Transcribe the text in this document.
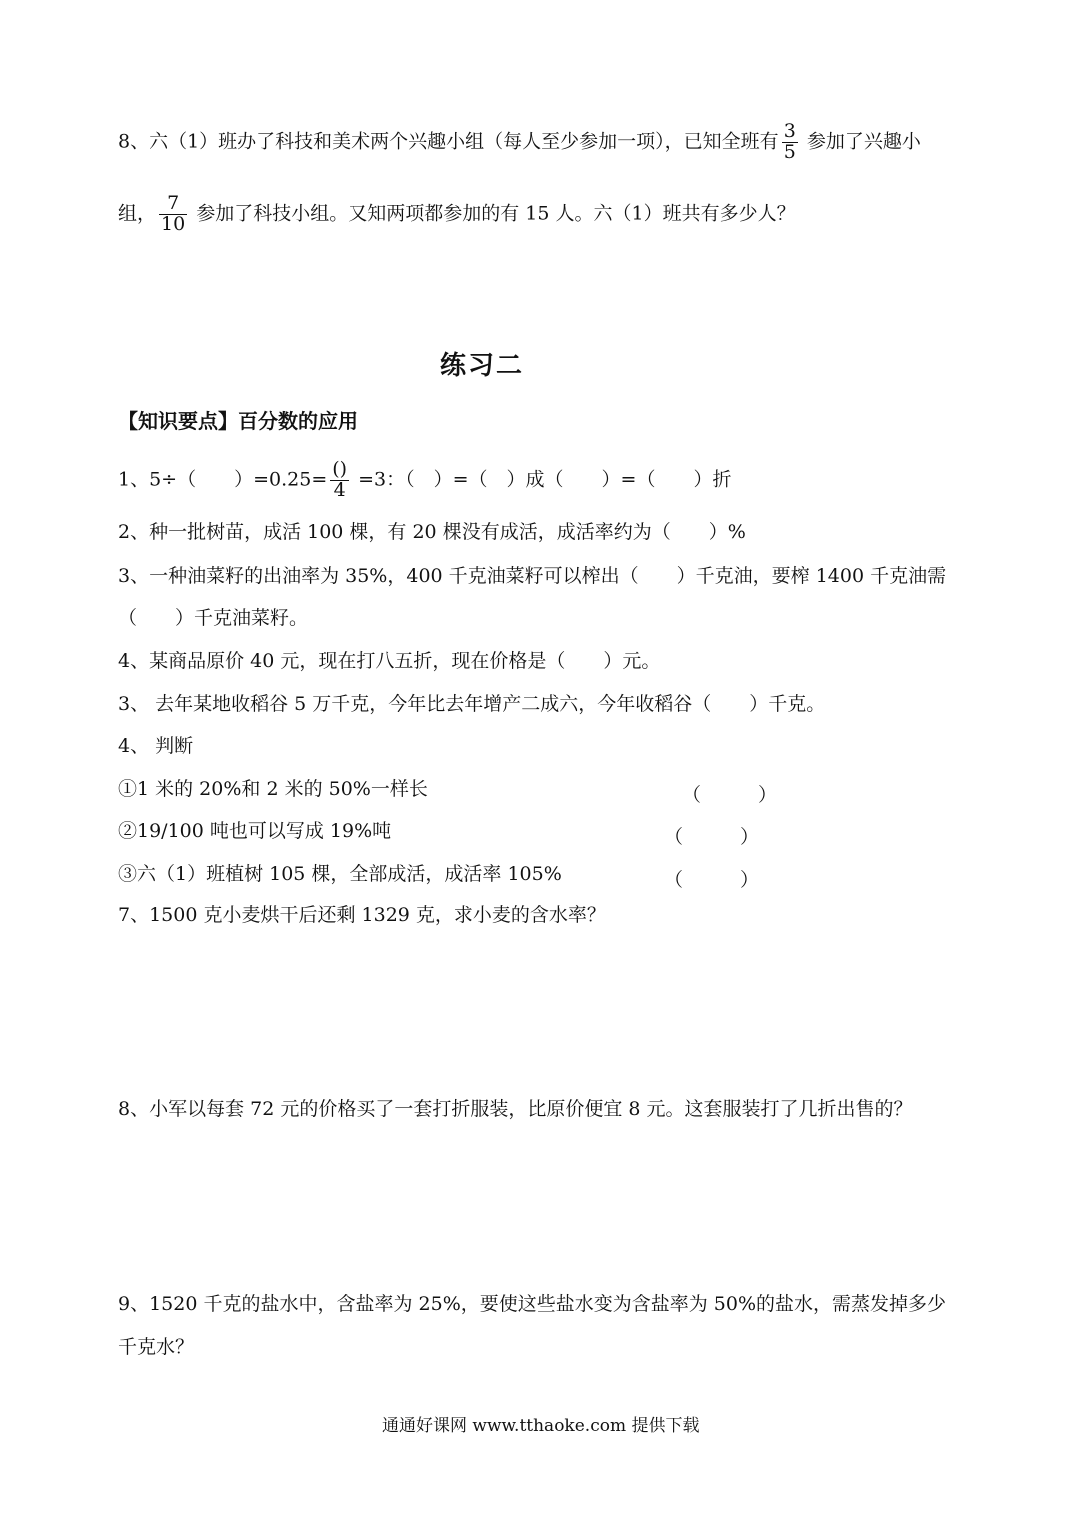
8、六（1）班办了科技和美术两个兴趣小组（每人至少参加一项），已知全班有 $\frac{3}{5}$ 参加了兴趣小
组， $\frac{7}{10}$ 参加了科技小组。又知两项都参加的有 15 人。六（1）班共有多少人？
练习二
【知识要点】百分数的应用
1、5÷（　　）$=0.25= \frac{()}{4} =3$：（　）=（　）成（　　）=（　　）折
2、种一批树苗，成活 100 棵，有 20 棵没有成活，成活率约为（　　）%
3、一种油菜籽的出油率为 35%，400 千克油菜籽可以榨出（　　）千克油，要榨 1400 千克油需
（　　）千克油菜籽。
4、某商品原价 40 元，现在打八五折，现在价格是（　　）元。
3、 去年某地收稻谷 5 万千克，今年比去年增产二成六，今年收稻谷（　　）千克。
4、 判断
①1 米的 20%和 2 米的 50%一样长	（　　　）
②19/100 吨也可以写成 19%吨	（　　　）
③六（1）班植树 105 棵，全部成活，成活率 105%	（　　　）
7、1500 克小麦烘干后还剩 1329 克，求小麦的含水率？
8、小军以每套 72 元的价格买了一套打折服装，比原价便宜 8 元。这套服装打了几折出售的？
9、1520 千克的盐水中，含盐率为 25%，要使这些盐水变为含盐率为 50%的盐水，需蒸发掉多少
千克水？
通通好课网 www.tthaoke.com 提供下载
